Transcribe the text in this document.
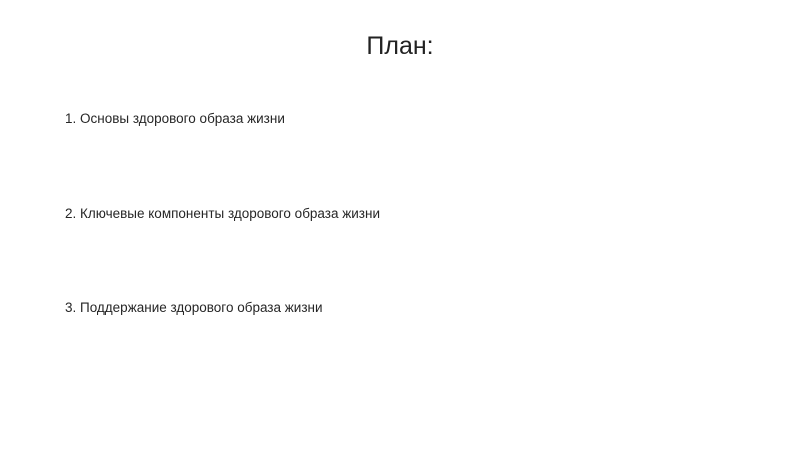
План:
1. Основы здорового образа жизни
2. Ключевые компоненты здорового образа жизни
3. Поддержание здорового образа жизни
